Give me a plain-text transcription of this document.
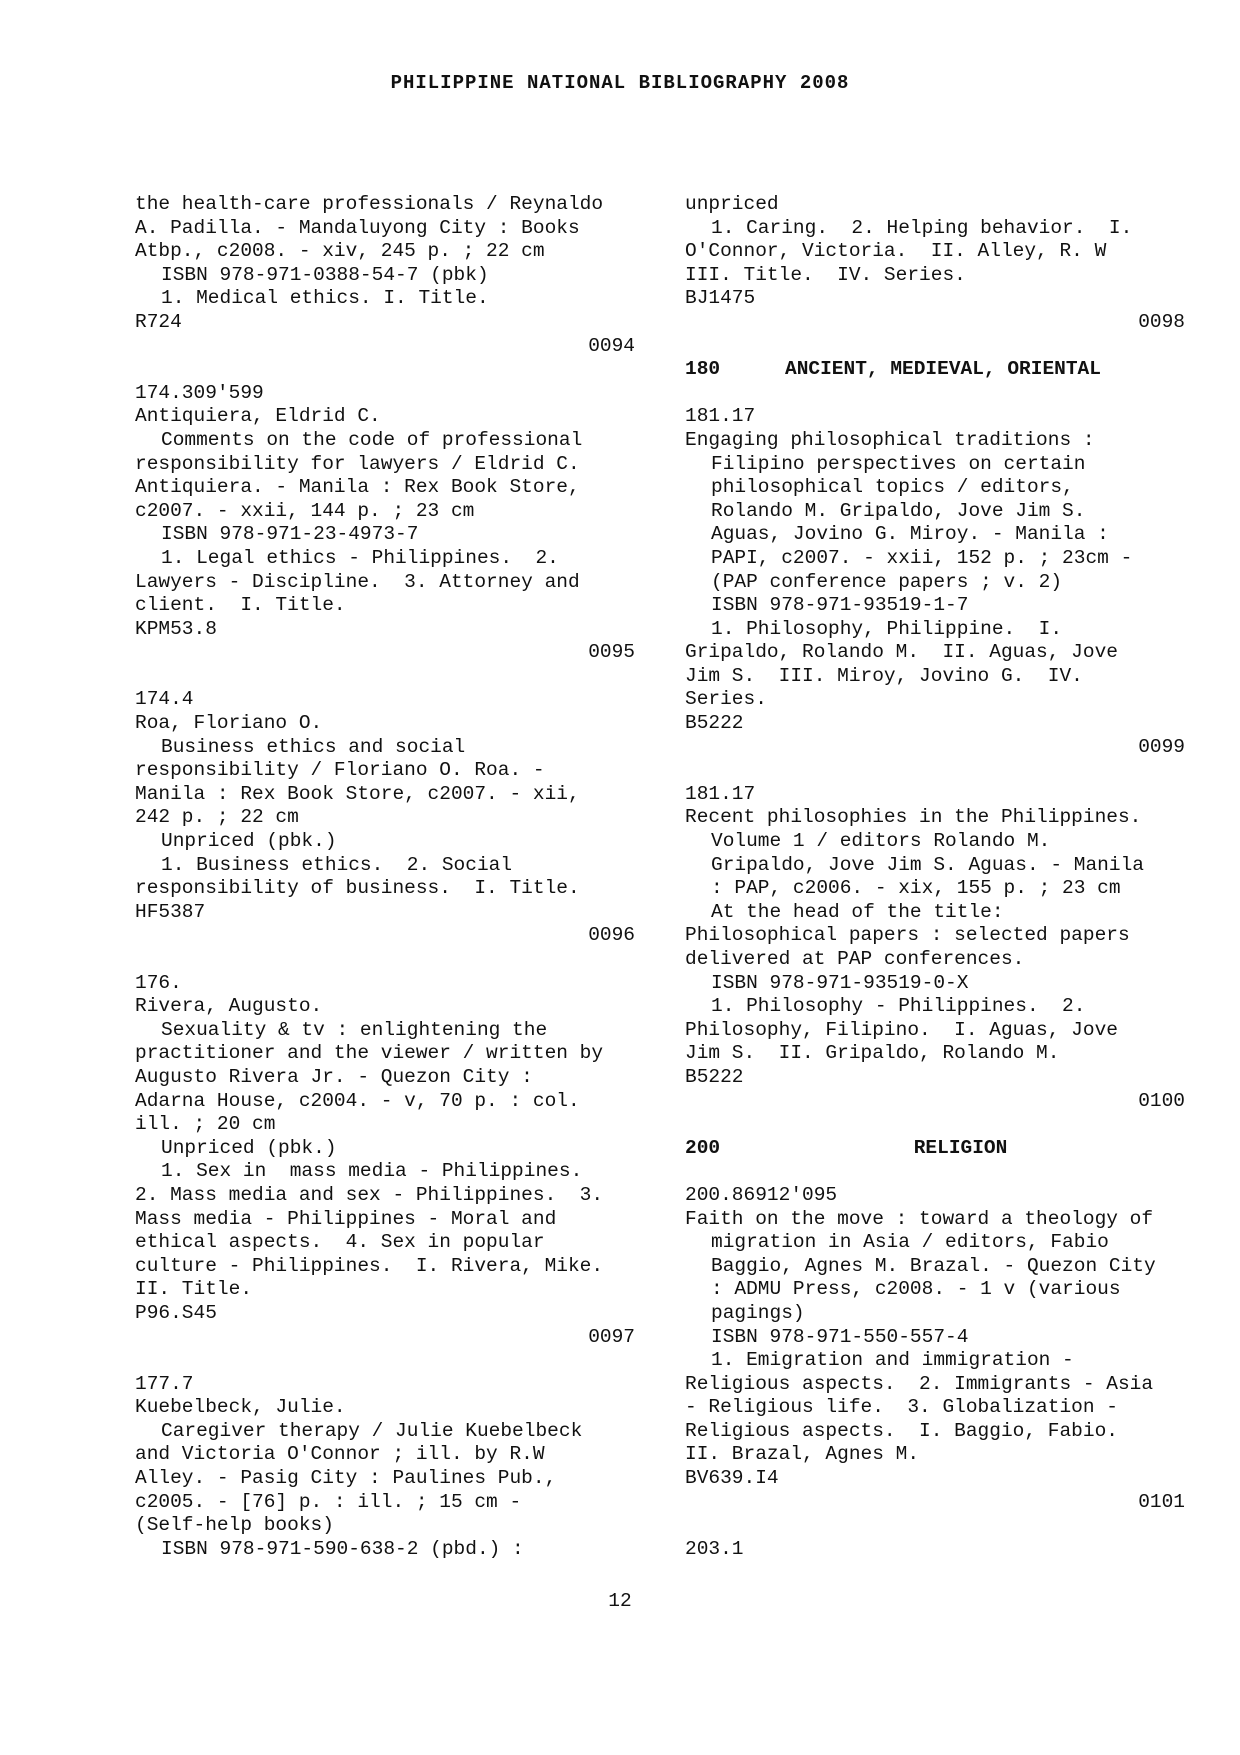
PHILIPPINE NATIONAL BIBLIOGRAPHY 2008
the health-care professionals / Reynaldo
A. Padilla. - Mandaluyong City : Books
Atbp., c2008. - xiv, 245 p. ; 22 cm
ISBN 978-971-0388-54-7 (pbk)
1. Medical ethics. I. Title.
R724
0094
174.309'599
Antiquiera, Eldrid C.
Comments on the code of professional
responsibility for lawyers / Eldrid C.
Antiquiera. - Manila : Rex Book Store,
c2007. - xxii, 144 p. ; 23 cm
ISBN 978-971-23-4973-7
1. Legal ethics - Philippines.  2.
Lawyers - Discipline.  3. Attorney and
client.  I. Title.
KPM53.8
0095
174.4
Roa, Floriano O.
Business ethics and social
responsibility / Floriano O. Roa. -
Manila : Rex Book Store, c2007. - xii,
242 p. ; 22 cm
Unpriced (pbk.)
1. Business ethics.  2. Social
responsibility of business.  I. Title.
HF5387
0096
176.
Rivera, Augusto.
Sexuality & tv : enlightening the
practitioner and the viewer / written by
Augusto Rivera Jr. - Quezon City :
Adarna House, c2004. - v, 70 p. : col.
ill. ; 20 cm
Unpriced (pbk.)
1. Sex in  mass media - Philippines.
2. Mass media and sex - Philippines.  3.
Mass media - Philippines - Moral and
ethical aspects.  4. Sex in popular
culture - Philippines.  I. Rivera, Mike.
II. Title.
P96.S45
0097
177.7
Kuebelbeck, Julie.
Caregiver therapy / Julie Kuebelbeck
and Victoria O'Connor ; ill. by R.W
Alley. - Pasig City : Paulines Pub.,
c2005. - [76] p. : ill. ; 15 cm -
(Self-help books)
ISBN 978-971-590-638-2 (pbd.) :
unpriced
1. Caring.  2. Helping behavior.  I.
O'Connor, Victoria.  II. Alley, R. W
III. Title.  IV. Series.
BJ1475
0098
180	ANCIENT, MEDIEVAL, ORIENTAL
181.17
Engaging philosophical traditions :
Filipino perspectives on certain
philosophical topics / editors,
Rolando M. Gripaldo, Jove Jim S.
Aguas, Jovino G. Miroy. - Manila :
PAPI, c2007. - xxii, 152 p. ; 23cm -
(PAP conference papers ; v. 2)
ISBN 978-971-93519-1-7
1. Philosophy, Philippine.  I.
Gripaldo, Rolando M.  II. Aguas, Jove
Jim S.  III. Miroy, Jovino G.  IV.
Series.
B5222
0099
181.17
Recent philosophies in the Philippines.
Volume 1 / editors Rolando M.
Gripaldo, Jove Jim S. Aguas. - Manila
: PAP, c2006. - xix, 155 p. ; 23 cm
At the head of the title:
Philosophical papers : selected papers
delivered at PAP conferences.
ISBN 978-971-93519-0-X
1. Philosophy - Philippines.  2.
Philosophy, Filipino.  I. Aguas, Jove
Jim S.  II. Gripaldo, Rolando M.
B5222
0100
200	RELIGION
200.86912'095
Faith on the move : toward a theology of
migration in Asia / editors, Fabio
Baggio, Agnes M. Brazal. - Quezon City
: ADMU Press, c2008. - 1 v (various
pagings)
ISBN 978-971-550-557-4
1. Emigration and immigration -
Religious aspects.  2. Immigrants - Asia
- Religious life.  3. Globalization -
Religious aspects.  I. Baggio, Fabio.
II. Brazal, Agnes M.
BV639.I4
0101
203.1
12
